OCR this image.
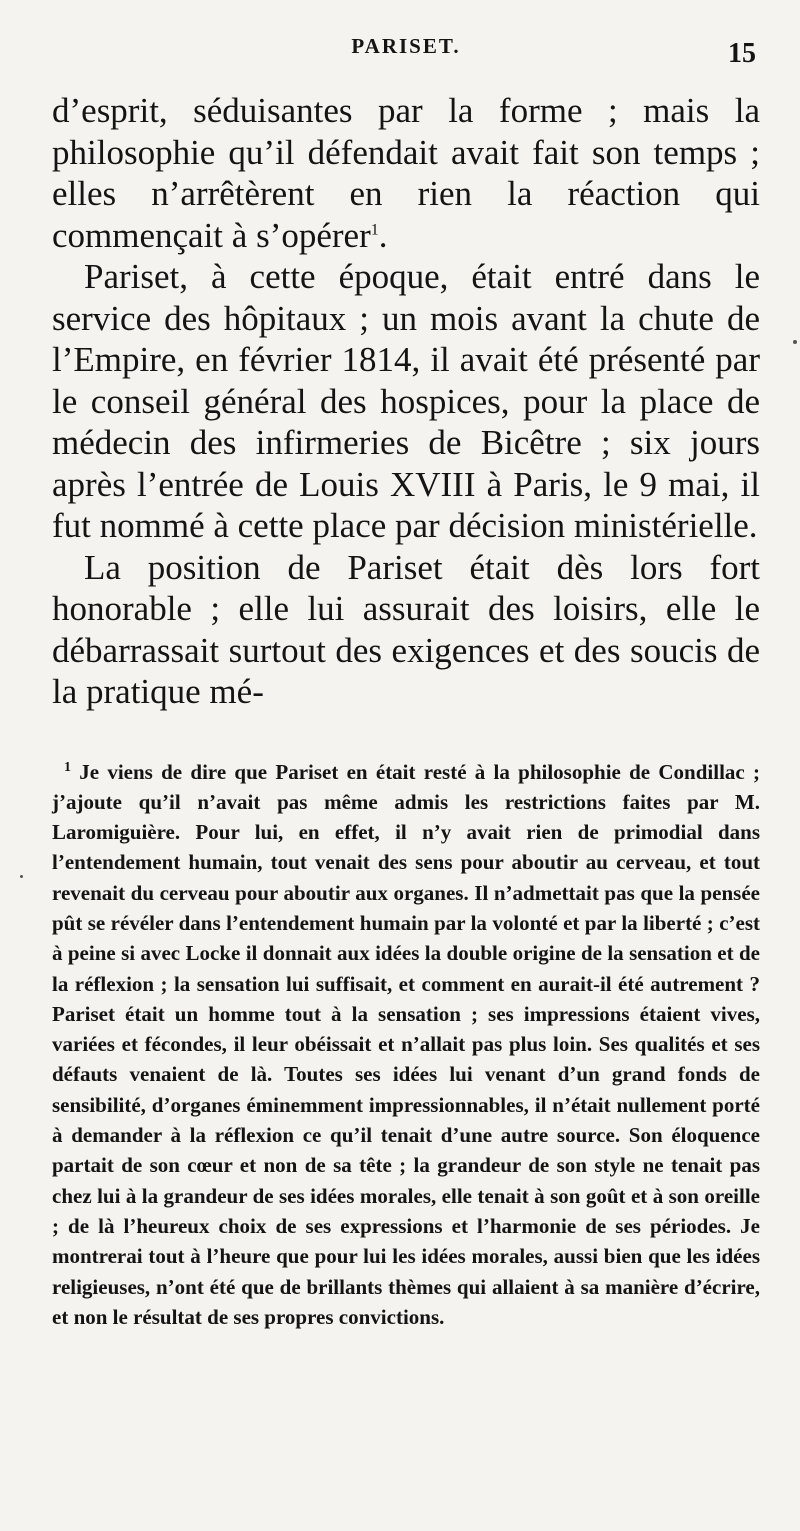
PARISET.	15

d’esprit, séduisantes par la forme ; mais la philosophie qu’il défendait avait fait son temps ; elles n’arrêtèrent en rien la réaction qui commençait à s’opérer$^1$.

Pariset, à cette époque, était entré dans le service des hôpitaux ; un mois avant la chute de l’Empire, en février 1814, il avait été présenté par le conseil général des hospices, pour la place de médecin des infirmeries de Bicêtre ; six jours après l’entrée de Louis XVIII à Paris, le 9 mai, il fut nommé à cette place par décision ministérielle.

La position de Pariset était dès lors fort honorable ; elle lui assurait des loisirs, elle le débarrassait surtout des exigences et des soucis de la pratique mé-

$^1$ Je viens de dire que Pariset en était resté à la philosophie de Condillac ; j’ajoute qu’il n’avait pas même admis les restrictions faites par M. Laromiguière. Pour lui, en effet, il n’y avait rien de primodial dans l’entendement humain, tout venait des sens pour aboutir au cerveau, et tout revenait du cerveau pour aboutir aux organes. Il n’admettait pas que la pensée pût se révéler dans l’entendement humain par la volonté et par la liberté ; c’est à peine si avec Locke il donnait aux idées la double origine de la sensation et de la réflexion ; la sensation lui suffisait, et comment en aurait-il été autrement ? Pariset était un homme tout à la sensation ; ses impressions étaient vives, variées et fécondes, il leur obéissait et n’allait pas plus loin. Ses qualités et ses défauts venaient de là. Toutes ses idées lui venant d’un grand fonds de sensibilité, d’organes éminemment impressionnables, il n’était nullement porté à demander à la réflexion ce qu’il tenait d’une autre source. Son éloquence partait de son cœur et non de sa tête ; la grandeur de son style ne tenait pas chez lui à la grandeur de ses idées morales, elle tenait à son goût et à son oreille ; de là l’heureux choix de ses expressions et l’harmonie de ses périodes. Je montrerai tout à l’heure que pour lui les idées morales, aussi bien que les idées religieuses, n’ont été que de brillants thèmes qui allaient à sa manière d’écrire, et non le résultat de ses propres convictions.
